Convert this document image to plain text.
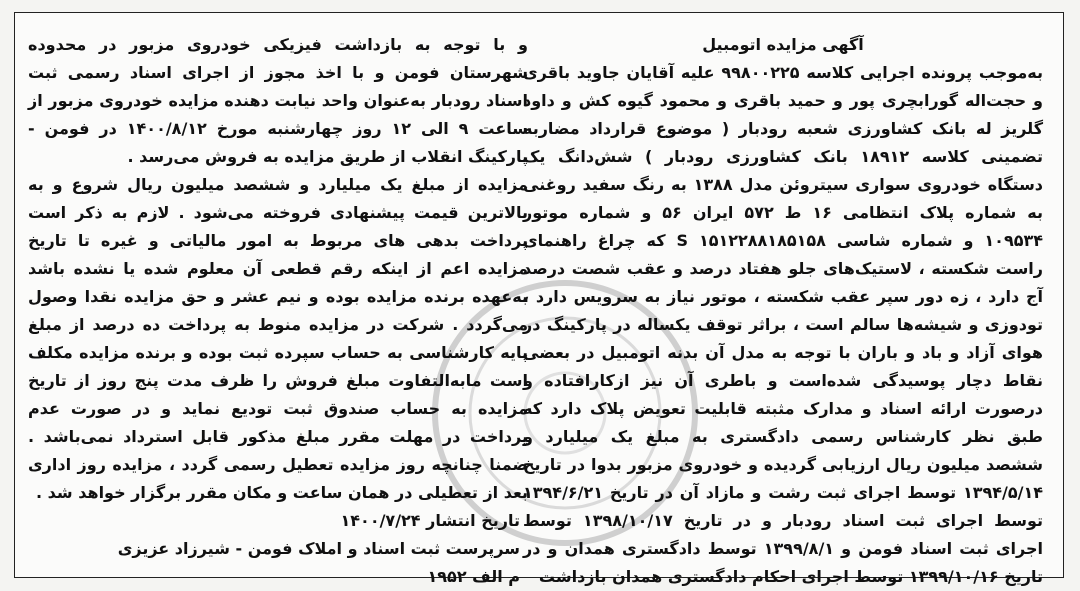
آگهی مزایده اتومبیل

به‌موجب پرونده اجرایی کلاسه ۹۹۸۰۰۲۲۵ علیه آقایان جاوید باقری و حجت‌اله گورابچری پور و حمید باقری و محمود گیوه کش و داود گلریز له بانک کشاورزی شعبه رودبار ( موضوع قرارداد مضاربه تضمینی کلاسه ۱۸۹۱۲ بانک کشاورزی رودبار ) شش‌دانگ یک دستگاه خودروی سواری سیتروئن مدل ۱۳۸۸ به رنگ سفید روغنی به شماره پلاک انتظامی ۱۶ ط ۵۷۲ ایران ۵۶ و شماره موتور ۱۰۹۵۳۴ و شماره شاسی S ۱۵۱۲۲۸۸۱۸۵۱۵۸ که چراغ راهنمای راست شکسته ، لاستیک‌های جلو هفتاد درصد و عقب شصت درصد آج دارد ، زه دور سپر عقب شکسته ، موتور نیاز به سرویس دارد ، تودوزی و شیشه‌ها سالم است ، براثر توقف یکساله در پارکینگ در هوای آزاد و باد و باران با توجه به مدل آن بدنه اتومبیل در بعضی نقاط دچار پوسیدگی شده‌است و باطری آن نیز ازکارافتاده و درصورت ارائه اسناد و مدارک مثبته قابلیت تعویض پلاک دارد که طبق نظر کارشناس رسمی دادگستری به مبلغ یک میلیارد و ششصد میلیون ریال ارزیابی گردیده و خودروی مزبور بدوا در تاریخ ۱۳۹۴/۵/۱۴ توسط اجرای ثبت رشت و مازاد آن در تاریخ ۱۳۹۴/۶/۲۱ توسط اجرای ثبت اسناد رودبار و در تاریخ ۱۳۹۸/۱۰/۱۷ توسط اجرای ثبت اسناد فومن و ۱۳۹۹/۸/۱ توسط دادگستری همدان و در تاریخ ۱۳۹۹/۱۰/۱۶ توسط اجرای احکام دادگستری همدان بازداشت

و با توجه به بازداشت فیزیکی خودروی مزبور در محدوده شهرستان فومن و با اخذ مجوز از اجرای اسناد رسمی ثبت اسناد رودبار به‌عنوان واحد نیابت دهنده مزایده خودروی مزبور از ساعت ۹ الی ۱۲ روز چهارشنبه مورخ ۱۴۰۰/۸/۱۲ در فومن - پارکینگ انقلاب از طریق مزایده به فروش می‌رسد .

مزایده از مبلغ یک میلیارد و ششصد میلیون ریال شروع و به بالاترین قیمت پیشنهادی فروخته می‌شود . لازم به ذکر است پرداخت بدهی های مربوط به امور مالیاتی و غیره تا تاریخ مزایده اعم از اینکه رقم قطعی آن معلوم شده یا نشده باشد به‌عهده برنده مزایده بوده و نیم عشر و حق مزایده نقدا وصول می‌گردد . شرکت در مزایده منوط به پرداخت ده درصد از مبلغ پایه کارشناسی به حساب سپرده ثبت بوده و برنده مزایده مکلف است مابه‌التفاوت مبلغ فروش را ظرف مدت پنج روز از تاریخ مزایده به حساب صندوق ثبت تودیع نماید و در صورت عدم پرداخت در مهلت مقرر مبلغ مذکور قابل استرداد نمی‌باشد . ضمنا چنانچه روز مزایده تعطیل رسمی گردد ، مزایده روز اداری بعد از تعطیلی در همان ساعت و مکان مقرر برگزار خواهد شد .

تاریخ انتشار ۱۴۰۰/۷/۲۴

سرپرست ثبت اسناد و املاک فومن - شیرزاد عزیزی

م الف ۱۹۵۲
